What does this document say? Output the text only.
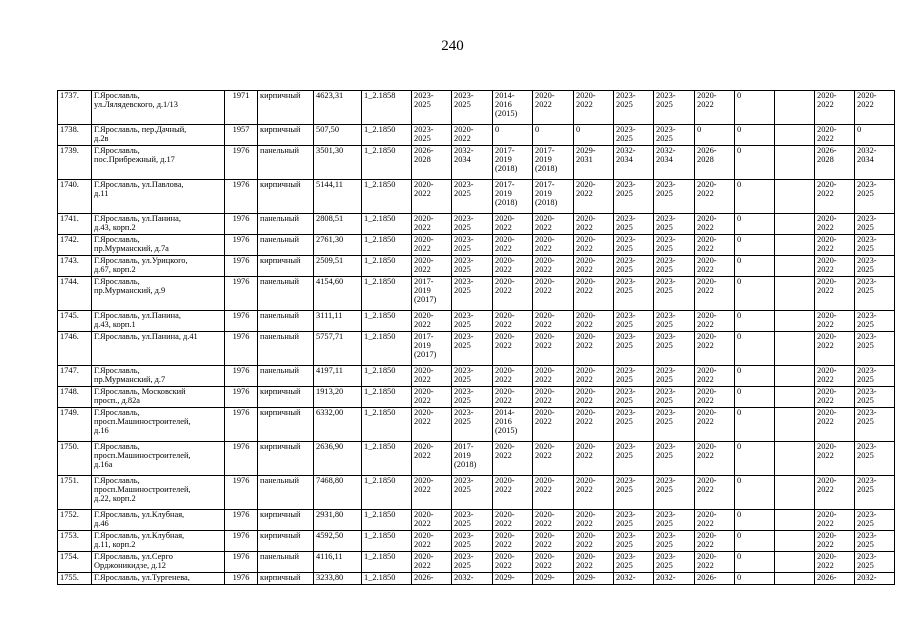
240
1737.	Г.Ярославль,
ул.Лялядевского, д.1/13	1971	кирпичный	4623,31	1_2.1858	2023-
2025	2023-
2025	2014-
2016
(2015)	2020-
2022	2020-
2022	2023-
2025	2023-
2025	2020-
2022	0		2020-
2022	2020-
2022
1738.	Г.Ярославль, пер.Дачный,
д.2в	1957	кирпичный	507,50	1_2.1850	2023-
2025	2020-
2022	0	0	0	2023-
2025	2023-
2025	0	0		2020-
2022	0
1739.	Г.Ярославль,
пос.Прибрежный, д.17	1976	панельный	3501,30	1_2.1850	2026-
2028	2032-
2034	2017-
2019
(2018)	2017-
2019
(2018)	2029-
2031	2032-
2034	2032-
2034	2026-
2028	0		2026-
2028	2032-
2034
1740.	Г.Ярославль, ул.Павлова,
д.11	1976	кирпичный	5144,11	1_2.1850	2020-
2022	2023-
2025	2017-
2019
(2018)	2017-
2019
(2018)	2020-
2022	2023-
2025	2023-
2025	2020-
2022	0		2020-
2022	2023-
2025
1741.	Г.Ярославль, ул.Панина,
д.43, корп.2	1976	панельный	2808,51	1_2.1850	2020-
2022	2023-
2025	2020-
2022	2020-
2022	2020-
2022	2023-
2025	2023-
2025	2020-
2022	0		2020-
2022	2023-
2025
1742.	Г.Ярославль,
пр.Мурманский, д.7а	1976	панельный	2761,30	1_2.1850	2020-
2022	2023-
2025	2020-
2022	2020-
2022	2020-
2022	2023-
2025	2023-
2025	2020-
2022	0		2020-
2022	2023-
2025
1743.	Г.Ярославль, ул.Урицкого,
д.67, корп.2	1976	кирпичный	2509,51	1_2.1850	2020-
2022	2023-
2025	2020-
2022	2020-
2022	2020-
2022	2023-
2025	2023-
2025	2020-
2022	0		2020-
2022	2023-
2025
1744.	Г.Ярославль,
пр.Мурманский, д.9	1976	панельный	4154,60	1_2.1850	2017-
2019
(2017)	2023-
2025	2020-
2022	2020-
2022	2020-
2022	2023-
2025	2023-
2025	2020-
2022	0		2020-
2022	2023-
2025
1745.	Г.Ярославль, ул.Панина,
д.43, корп.1	1976	панельный	3111,11	1_2.1850	2020-
2022	2023-
2025	2020-
2022	2020-
2022	2020-
2022	2023-
2025	2023-
2025	2020-
2022	0		2020-
2022	2023-
2025
1746.	Г.Ярославль, ул.Панина, д.41	1976	панельный	5757,71	1_2.1850	2017-
2019
(2017)	2023-
2025	2020-
2022	2020-
2022	2020-
2022	2023-
2025	2023-
2025	2020-
2022	0		2020-
2022	2023-
2025
1747.	Г.Ярославль,
пр.Мурманский, д.7	1976	панельный	4197,11	1_2.1850	2020-
2022	2023-
2025	2020-
2022	2020-
2022	2020-
2022	2023-
2025	2023-
2025	2020-
2022	0		2020-
2022	2023-
2025
1748.	Г.Ярославль, Московский
просп., д.82а	1976	кирпичный	1913,20	1_2.1850	2020-
2022	2023-
2025	2020-
2022	2020-
2022	2020-
2022	2023-
2025	2023-
2025	2020-
2022	0		2020-
2022	2023-
2025
1749.	Г.Ярославль,
просп.Машиностроителей,
д.16	1976	кирпичный	6332,00	1_2.1850	2020-
2022	2023-
2025	2014-
2016
(2015)	2020-
2022	2020-
2022	2023-
2025	2023-
2025	2020-
2022	0		2020-
2022	2023-
2025
1750.	Г.Ярославль,
просп.Машиностроителей,
д.16а	1976	кирпичный	2636,90	1_2.1850	2020-
2022	2017-
2019
(2018)	2020-
2022	2020-
2022	2020-
2022	2023-
2025	2023-
2025	2020-
2022	0		2020-
2022	2023-
2025
1751.	Г.Ярославль,
просп.Машиностроителей,
д.22, корп.2	1976	панельный	7468,80	1_2.1850	2020-
2022	2023-
2025	2020-
2022	2020-
2022	2020-
2022	2023-
2025	2023-
2025	2020-
2022	0		2020-
2022	2023-
2025
1752.	Г.Ярославль, ул.Клубная,
д.46	1976	кирпичный	2931,80	1_2.1850	2020-
2022	2023-
2025	2020-
2022	2020-
2022	2020-
2022	2023-
2025	2023-
2025	2020-
2022	0		2020-
2022	2023-
2025
1753.	Г.Ярославль, ул.Клубная,
д.11, корп.2	1976	кирпичный	4592,50	1_2.1850	2020-
2022	2023-
2025	2020-
2022	2020-
2022	2020-
2022	2023-
2025	2023-
2025	2020-
2022	0		2020-
2022	2023-
2025
1754.	Г.Ярославль, ул.Серго
Орджоникидзе, д.12	1976	панельный	4116,11	1_2.1850	2020-
2022	2023-
2025	2020-
2022	2020-
2022	2020-
2022	2023-
2025	2023-
2025	2020-
2022	0		2020-
2022	2023-
2025
1755.	Г.Ярославль, ул.Тургенева,	1976	кирпичный	3233,80	1_2.1850	2026-	2032-	2029-	2029-	2029-	2032-	2032-	2026-	0		2026-	2032-
